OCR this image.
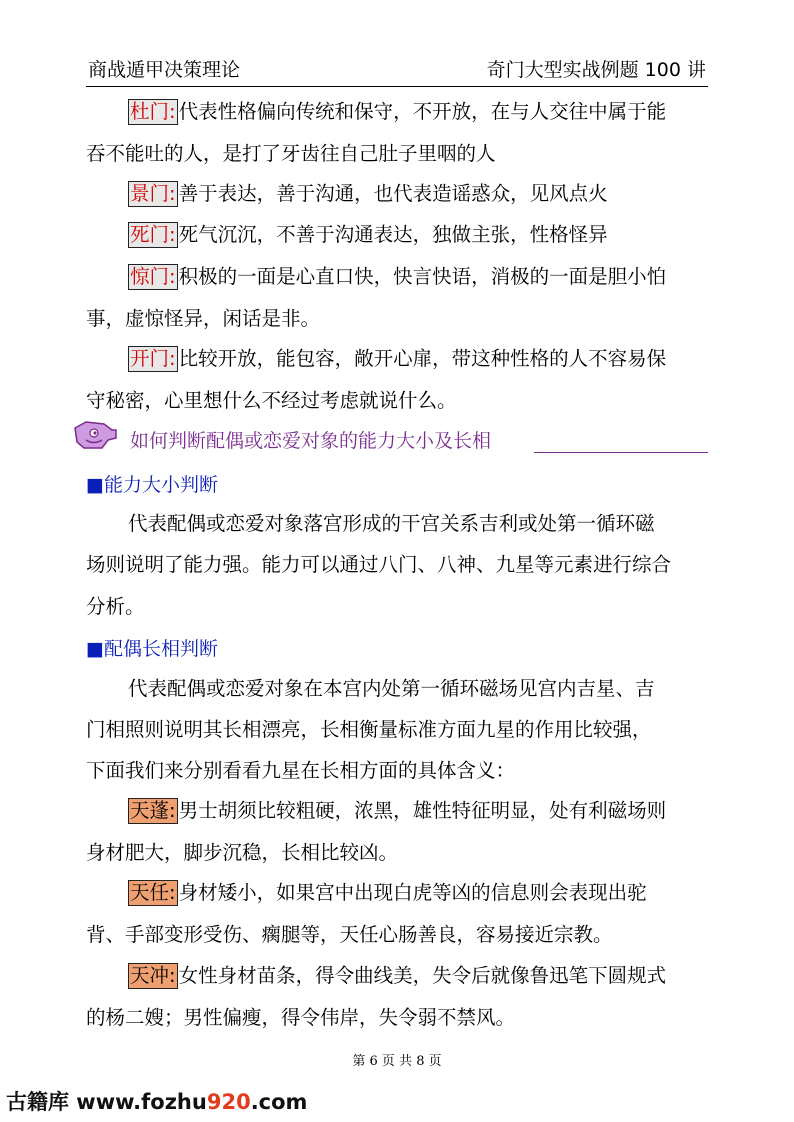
商战遁甲决策理论	奇门大型实战例题 100 讲
杜门: 代表性格偏向传统和保守，不开放，在与人交往中属于能
吞不能吐的人，是打了牙齿往自己肚子里咽的人
景门: 善于表达，善于沟通，也代表造谣惑众，见风点火
死门: 死气沉沉，不善于沟通表达，独做主张，性格怪异
惊门: 积极的一面是心直口快，快言快语，消极的一面是胆小怕
事，虚惊怪异，闲话是非。
开门: 比较开放，能包容，敞开心扉，带这种性格的人不容易保
守秘密，心里想什么不经过考虑就说什么。
如何判断配偶或恋爱对象的能力大小及长相
■能力大小判断
代表配偶或恋爱对象落宫形成的干宫关系吉利或处第一循环磁
场则说明了能力强。能力可以通过八门、八神、九星等元素进行综合
分析。
■配偶长相判断
代表配偶或恋爱对象在本宫内处第一循环磁场见宫内吉星、吉
门相照则说明其长相漂亮，长相衡量标准方面九星的作用比较强，
下面我们来分别看看九星在长相方面的具体含义：
天蓬: 男士胡须比较粗硬，浓黑，雄性特征明显，处有利磁场则
身材肥大，脚步沉稳，长相比较凶。
天任: 身材矮小，如果宫中出现白虎等凶的信息则会表现出驼
背、手部变形受伤、瘸腿等，天任心肠善良，容易接近宗教。
天冲: 女性身材苗条，得令曲线美，失令后就像鲁迅笔下圆规式
的杨二嫂；男性偏瘦，得令伟岸，失令弱不禁风。
第 6 页 共 8 页
古籍库 www.fozhu920.com
